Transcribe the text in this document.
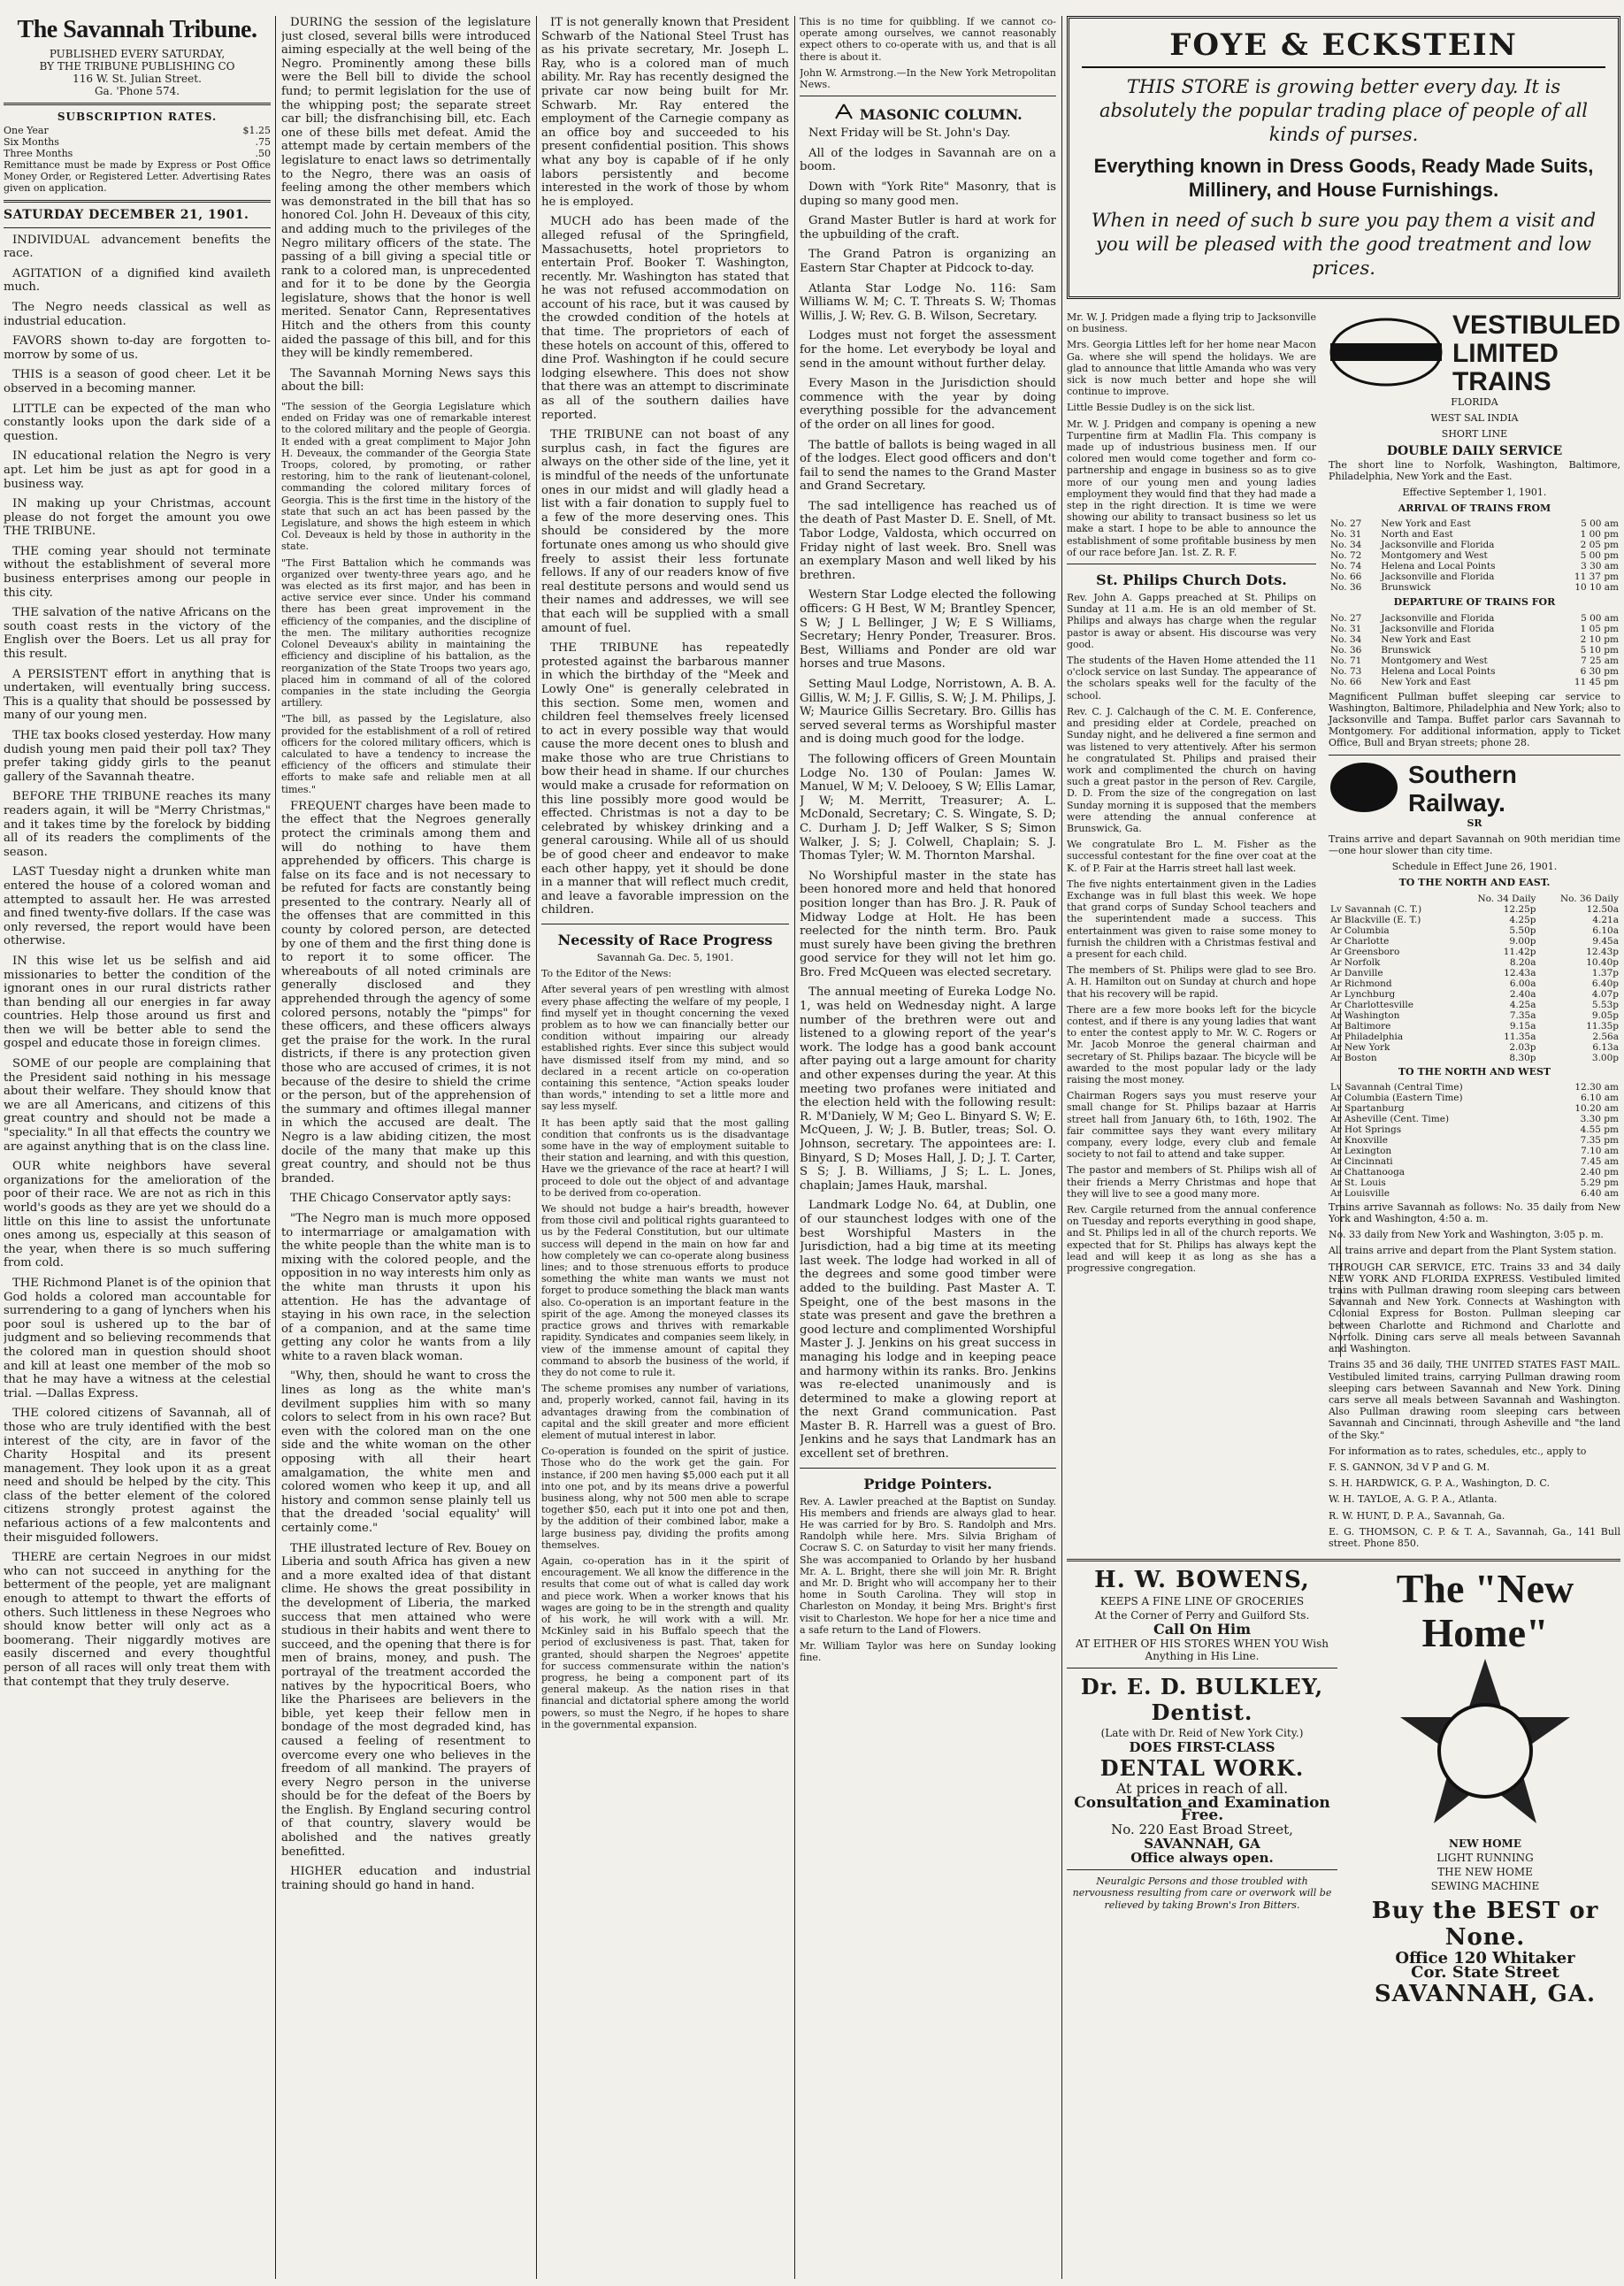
The Savannah Tribune.
PUBLISHED EVERY SATURDAY,
BY THE TRIBUNE PUBLISHING CO
116 W. St. Julian Street.
Ga. 'Phone 574.
SUBSCRIPTION RATES.
One Year	$1.25
Six Months	.75
Three Months	.50
Remittance must be made by Express or Post Office Money Order, or Registered Letter. Advertising Rates given on application.
SATURDAY DECEMBER 21, 1901.
INDIVIDUAL advancement benefits the race.
AGITATION of a dignified kind availeth much.
The Negro needs classical as well as industrial education.
FAVORS shown to-day are forgotten to-morrow by some of us.
THIS is a season of good cheer. Let it be observed in a becoming manner.
LITTLE can be expected of the man who constantly looks upon the dark side of a question.
IN educational relation the Negro is very apt. Let him be just as apt for good in a business way.
IN making up your Christmas, account please do not forget the amount you owe THE TRIBUNE.
THE coming year should not terminate without the establishment of several more business enterprises among our people in this city.
THE salvation of the native Africans on the south coast rests in the victory of the English over the Boers. Let us all pray for this result.
A PERSISTENT effort in anything that is undertaken, will eventually bring success. This is a quality that should be possessed by many of our young men.
THE tax books closed yesterday. How many dudish young men paid their poll tax? They prefer taking giddy girls to the peanut gallery of the Savannah theatre.
BEFORE THE TRIBUNE reaches its many readers again, it will be "Merry Christmas," and it takes time by the forelock by bidding all of its readers the compliments of the season.
LAST Tuesday night a drunken white man entered the house of a colored woman and attempted to assault her. He was arrested and fined twenty-five dollars. If the case was only reversed, the report would have been otherwise.
IN this wise let us be selfish and aid missionaries to better the condition of the ignorant ones in our rural districts rather than bending all our energies in far away countries. Help those around us first and then we will be better able to send the gospel and educate those in foreign climes.
SOME of our people are complaining that the President said nothing in his message about their welfare. They should know that we are all Americans, and citizens of this great country and should not be made a "speciality." In all that effects the country we are against anything that is on the class line.
OUR white neighbors have several organizations for the amelioration of the poor of their race. We are not as rich in this world's goods as they are yet we should do a little on this line to assist the unfortunate ones among us, especially at this season of the year, when there is so much suffering from cold.
THE Richmond Planet is of the opinion that God holds a colored man accountable for surrendering to a gang of lynchers when his poor soul is ushered up to the bar of judgment and so believing recommends that the colored man in question should shoot and kill at least one member of the mob so that he may have a witness at the celestial trial. —Dallas Express.
THE colored citizens of Savannah, all of those who are truly identified with the best interest of the city, are in favor of the Charity Hospital and its present management. They look upon it as a great need and should be helped by the city. This class of the better element of the colored citizens strongly protest against the nefarious actions of a few malcontents and their misguided followers.
THERE are certain Negroes in our midst who can not succeed in anything for the betterment of the people, yet are malignant enough to attempt to thwart the efforts of others. Such littleness in these Negroes who should know better will only act as a boomerang. Their niggardly motives are easily discerned and every thoughtful person of all races will only treat them with that contempt that they truly deserve.
DURING the session of the legislature just closed, several bills were introduced aiming especially at the well being of the Negro. Prominently among these bills were the Bell bill to divide the school fund; to permit legislation for the use of the whipping post; the separate street car bill; the disfranchising bill, etc. Each one of these bills met defeat. Amid the attempt made by certain members of the legislature to enact laws so detrimentally to the Negro, there was an oasis of feeling among the other members which was demonstrated in the bill that has so honored Col. John H. Deveaux of this city, and adding much to the privileges of the Negro military officers of the state. The passing of a bill giving a special title or rank to a colored man, is unprecedented and for it to be done by the Georgia legislature, shows that the honor is well merited. Senator Cann, Representatives Hitch and the others from this county aided the passage of this bill, and for this they will be kindly remembered.
The Savannah Morning News says this about the bill:
"The session of the Georgia Legislature which ended on Friday was one of remarkable interest to the colored military and the people of Georgia. It ended with a great compliment to Major John H. Deveaux, the commander of the Georgia State Troops, colored, by promoting, or rather restoring, him to the rank of lieutenant-colonel, commanding the colored military forces of Georgia. This is the first time in the history of the state that such an act has been passed by the Legislature, and shows the high esteem in which Col. Deveaux is held by those in authority in the state.
"The First Battalion which he commands was organized over twenty-three years ago, and he was elected as its first major, and has been in active service ever since. Under his command there has been great improvement in the efficiency of the companies, and the discipline of the men. The military authorities recognize Colonel Deveaux's ability in maintaining the efficiency and discipline of his battalion, as the reorganization of the State Troops two years ago, placed him in command of all of the colored companies in the state including the Georgia artillery.
"The bill, as passed by the Legislature, also provided for the establishment of a roll of retired officers for the colored military officers, which is calculated to have a tendency to increase the efficiency of the officers and stimulate their efforts to make safe and reliable men at all times."
FREQUENT charges have been made to the effect that the Negroes generally protect the criminals among them and will do nothing to have them apprehended by officers. This charge is false on its face and is not necessary to be refuted for facts are constantly being presented to the contrary. Nearly all of the offenses that are committed in this county by colored person, are detected by one of them and the first thing done is to report it to some officer. The whereabouts of all noted criminals are generally disclosed and they apprehended through the agency of some colored persons, notably the "pimps" for these officers, and these officers always get the praise for the work. In the rural districts, if there is any protection given those who are accused of crimes, it is not because of the desire to shield the crime or the person, but of the apprehension of the summary and oftimes illegal manner in which the accused are dealt. The Negro is a law abiding citizen, the most docile of the many that make up this great country, and should not be thus branded.
THE Chicago Conservator aptly says:
"The Negro man is much more opposed to intermarriage or amalgamation with the white people than the white man is to mixing with the colored people, and the opposition in no way interests him only as the white man thrusts it upon his attention. He has the advantage of staying in his own race, in the selection of a companion, and at the same time getting any color he wants from a lily white to a raven black woman.
"Why, then, should he want to cross the lines as long as the white man's devilment supplies him with so many colors to select from in his own race? But even with the colored man on the one side and the white woman on the other opposing with all their heart amalgamation, the white men and colored women who keep it up, and all history and common sense plainly tell us that the dreaded 'social equality' will certainly come."
THE illustrated lecture of Rev. Bouey on Liberia and south Africa has given a new and a more exalted idea of that distant clime. He shows the great possibility in the development of Liberia, the marked success that men attained who were studious in their habits and went there to succeed, and the opening that there is for men of brains, money, and push. The portrayal of the treatment accorded the natives by the hypocritical Boers, who like the Pharisees are believers in the bible, yet keep their fellow men in bondage of the most degraded kind, has caused a feeling of resentment to overcome every one who believes in the freedom of all mankind. The prayers of every Negro person in the universe should be for the defeat of the Boers by the English. By England securing control of that country, slavery would be abolished and the natives greatly benefitted.
HIGHER education and industrial training should go hand in hand.
IT is not generally known that President Schwarb of the National Steel Trust has as his private secretary, Mr. Joseph L. Ray, who is a colored man of much ability. Mr. Ray has recently designed the private car now being built for Mr. Schwarb. Mr. Ray entered the employment of the Carnegie company as an office boy and succeeded to his present confidential position. This shows what any boy is capable of if he only labors persistently and become interested in the work of those by whom he is employed.
MUCH ado has been made of the alleged refusal of the Springfield, Massachusetts, hotel proprietors to entertain Prof. Booker T. Washington, recently. Mr. Washington has stated that he was not refused accommodation on account of his race, but it was caused by the crowded condition of the hotels at that time. The proprietors of each of these hotels on account of this, offered to dine Prof. Washington if he could secure lodging elsewhere. This does not show that there was an attempt to discriminate as all of the southern dailies have reported.
THE TRIBUNE can not boast of any surplus cash, in fact the figures are always on the other side of the line, yet it is mindful of the needs of the unfortunate ones in our midst and will gladly head a list with a fair donation to supply fuel to a few of the more deserving ones. This should be considered by the more fortunate ones among us who should give freely to assist their less fortunate fellows. If any of our readers know of five real destitute persons and would send us their names and addresses, we will see that each will be supplied with a small amount of fuel.
THE TRIBUNE has repeatedly protested against the barbarous manner in which the birthday of the "Meek and Lowly One" is generally celebrated in this section. Some men, women and children feel themselves freely licensed to act in every possible way that would cause the more decent ones to blush and make those who are true Christians to bow their head in shame. If our churches would make a crusade for reformation on this line possibly more good would be effected. Christmas is not a day to be celebrated by whiskey drinking and a general carousing. While all of us should be of good cheer and endeavor to make each other happy, yet it should be done in a manner that will reflect much credit, and leave a favorable impression on the children.
Necessity of Race Progress
Savannah Ga. Dec. 5, 1901.
To the Editor of the News:
After several years of pen wrestling with almost every phase affecting the welfare of my people, I find myself yet in thought concerning the vexed problem as to how we can financially better our condition without impairing our already established rights. Ever since this subject would have dismissed itself from my mind, and so declared in a recent article on co-operation containing this sentence, "Action speaks louder than words," intending to set a little more and say less myself.
It has been aptly said that the most galling condition that confronts us is the disadvantage some have in the way of employment suitable to their station and learning, and with this question, Have we the grievance of the race at heart? I will proceed to dole out the object of and advantage to be derived from co-operation.
We should not budge a hair's breadth, however from those civil and political rights guaranteed to us by the Federal Constitution, but our ultimate success will depend in the main on how far and how completely we can co-operate along business lines; and to those strenuous efforts to produce something the white man wants we must not forget to produce something the black man wants also. Co-operation is an important feature in the spirit of the age. Among the moneyed classes its practice grows and thrives with remarkable rapidity. Syndicates and companies seem likely, in view of the immense amount of capital they command to absorb the business of the world, if they do not come to rule it.
The scheme promises any number of variations, and, properly worked, cannot fail, having in its advantages drawing from the combination of capital and the skill greater and more efficient element of mutual interest in labor.
Co-operation is founded on the spirit of justice. Those who do the work get the gain. For instance, if 200 men having $5,000 each put it all into one pot, and by its means drive a powerful business along, why not 500 men able to scrape together $50, each put it into one pot and then, by the addition of their combined labor, make a large business pay, dividing the profits among themselves.
Again, co-operation has in it the spirit of encouragement. We all know the difference in the results that come out of what is called day work and piece work. When a worker knows that his wages are going to be in the strength and quality of his work, he will work with a will. Mr. McKinley said in his Buffalo speech that the period of exclusiveness is past. That, taken for granted, should sharpen the Negroes' appetite for success commensurate within the nation's progress, he being a component part of its general makeup. As the nation rises in that financial and dictatorial sphere among the world powers, so must the Negro, if he hopes to share in the governmental expansion.
This is no time for quibbling. If we cannot co-operate among ourselves, we cannot reasonably expect others to co-operate with us, and that is all there is about it.
John W. Armstrong.—In the New York Metropolitan News.
MASONIC COLUMN.
Next Friday will be St. John's Day.
All of the lodges in Savannah are on a boom.
Down with "York Rite" Masonry, that is duping so many good men.
Grand Master Butler is hard at work for the upbuilding of the craft.
The Grand Patron is organizing an Eastern Star Chapter at Pidcock to-day.
Atlanta Star Lodge No. 116: Sam Williams W. M; C. T. Threats S. W; Thomas Willis, J. W; Rev. G. B. Wilson, Secretary.
Lodges must not forget the assessment for the home. Let everybody be loyal and send in the amount without further delay.
Every Mason in the Jurisdiction should commence with the year by doing everything possible for the advancement of the order on all lines for good.
The battle of ballots is being waged in all of the lodges. Elect good officers and don't fail to send the names to the Grand Master and Grand Secretary.
The sad intelligence has reached us of the death of Past Master D. E. Snell, of Mt. Tabor Lodge, Valdosta, which occurred on Friday night of last week. Bro. Snell was an exemplary Mason and well liked by his brethren.
Western Star Lodge elected the following officers: G H Best, W M; Brantley Spencer, S W; J L Bellinger, J W; E S Williams, Secretary; Henry Ponder, Treasurer. Bros. Best, Williams and Ponder are old war horses and true Masons.
Setting Maul Lodge, Norristown, A. B. A. Gillis, W. M; J. F. Gillis, S. W; J. M. Philips, J. W; Maurice Gillis Secretary. Bro. Gillis has served several terms as Worshipful master and is doing much good for the lodge.
The following officers of Green Mountain Lodge No. 130 of Poulan: James W. Manuel, W M; V. Delooey, S W; Ellis Lamar, J W; M. Merritt, Treasurer; A. L. McDonald, Secretary; C. S. Wingate, S. D; C. Durham J. D; Jeff Walker, S S; Simon Walker, J. S; J. Colwell, Chaplain; S. J. Thomas Tyler; W. M. Thornton Marshal.
No Worshipful master in the state has been honored more and held that honored position longer than has Bro. J. R. Pauk of Midway Lodge at Holt. He has been reelected for the ninth term. Bro. Pauk must surely have been giving the brethren good service for they will not let him go. Bro. Fred McQueen was elected secretary.
The annual meeting of Eureka Lodge No. 1, was held on Wednesday night. A large number of the brethren were out and listened to a glowing report of the year's work. The lodge has a good bank account after paying out a large amount for charity and other expenses during the year. At this meeting two profanes were initiated and the election held with the following result: R. M'Daniely, W M; Geo L. Binyard S. W; E. McQueen, J. W; J. B. Butler, treas; Sol. O. Johnson, secretary. The appointees are: I. Binyard, S D; Moses Hall, J. D; J. T. Carter, S S; J. B. Williams, J S; L. L. Jones, chaplain; James Hauk, marshal.
Landmark Lodge No. 64, at Dublin, one of our staunchest lodges with one of the best Worshipful Masters in the Jurisdiction, had a big time at its meeting last week. The lodge had worked in all of the degrees and some good timber were added to the building. Past Master A. T. Speight, one of the best masons in the state was present and gave the brethren a good lecture and complimented Worshipful Master J. J. Jenkins on his great success in managing his lodge and in keeping peace and harmony within its ranks. Bro. Jenkins was re-elected unanimously and is determined to make a glowing report at the next Grand communication. Past Master B. R. Harrell was a guest of Bro. Jenkins and he says that Landmark has an excellent set of brethren.
Pridge Pointers.
Rev. A. Lawler preached at the Baptist on Sunday. His members and friends are always glad to hear. He was carried for by Bro. S. Randolph and Mrs. Randolph while here. Mrs. Silvia Brigham of Cocraw S. C. on Saturday to visit her many friends. She was accompanied to Orlando by her husband Mr. A. L. Bright, there she will join Mr. R. Bright and Mr. D. Bright who will accompany her to their home in South Carolina. They will stop in Charleston on Monday, it being Mrs. Bright's first visit to Charleston. We hope for her a nice time and a safe return to the Land of Flowers.
Mr. William Taylor was here on Sunday looking fine.
FOYE & ECKSTEIN
THIS STORE is growing better every day. It is absolutely the popular trading place of people of all kinds of purses.
Everything known in Dress Goods, Ready Made Suits, Millinery, and House Furnishings.
When in need of such b sure you pay them a visit and you will be pleased with the good treatment and low prices.
Mr. W. J. Pridgen made a flying trip to Jacksonville on business.
Mrs. Georgia Littles left for her home near Macon Ga. where she will spend the holidays. We are glad to announce that little Amanda who was very sick is now much better and hope she will continue to improve.
Little Bessie Dudley is on the sick list.
Mr. W. J. Pridgen and company is opening a new Turpentine firm at Madlin Fla. This company is made up of industrious business men. If our colored men would come together and form co-partnership and engage in business so as to give more of our young men and young ladies employment they would find that they had made a step in the right direction. It is time we were showing our ability to transact business so let us make a start. I hope to be able to announce the establishment of some profitable business by men of our race before Jan. 1st. Z. R. F.
St. Philips Church Dots.
Rev. John A. Gapps preached at St. Philips on Sunday at 11 a.m. He is an old member of St. Philips and always has charge when the regular pastor is away or absent. His discourse was very good.
The students of the Haven Home attended the 11 o'clock service on last Sunday. The appearance of the scholars speaks well for the faculty of the school.
Rev. C. J. Calchaugh of the C. M. E. Conference, and presiding elder at Cordele, preached on Sunday night, and he delivered a fine sermon and was listened to very attentively. After his sermon he congratulated St. Philips and praised their work and complimented the church on having such a great pastor in the person of Rev. Cargile, D. D. From the size of the congregation on last Sunday morning it is supposed that the members were attending the annual conference at Brunswick, Ga.
We congratulate Bro L. M. Fisher as the successful contestant for the fine over coat at the K. of P. Fair at the Harris street hall last week.
The five nights entertainment given in the Ladies Exchange was in full blast this week. We hope that grand corps of Sunday School teachers and the superintendent made a success. This entertainment was given to raise some money to furnish the children with a Christmas festival and a present for each child.
The members of St. Philips were glad to see Bro. A. H. Hamilton out on Sunday at church and hope that his recovery will be rapid.
There are a few more books left for the bicycle contest, and if there is any young ladies that want to enter the contest apply to Mr. W. C. Rogers or Mr. Jacob Monroe the general chairman and secretary of St. Philips bazaar. The bicycle will be awarded to the most popular lady or the lady raising the most money.
Chairman Rogers says you must reserve your small change for St. Philips bazaar at Harris street hall from January 6th, to 16th, 1902. The fair committee says they want every military company, every lodge, every club and female society to not fail to attend and take supper.
The pastor and members of St. Philips wish all of their friends a Merry Christmas and hope that they will live to see a good many more.
Rev. Cargile returned from the annual conference on Tuesday and reports everything in good shape, and St. Philips led in all of the church reports. We expected that for St. Philips has always kept the lead and will keep it as long as she has a progressive congregation.
VESTIBULED
LIMITED
TRAINS
FLORIDA
WEST SAL INDIA
SHORT LINE
DOUBLE DAILY SERVICE
The short line to Norfolk, Washington, Baltimore, Philadelphia, New York and the East.
Effective September 1, 1901.
ARRIVAL OF TRAINS FROM
No. 27	New York and East	5 00 am
No. 31	North and East	1 00 pm
No. 34	Jacksonville and Florida	2 05 pm
No. 72	Montgomery and West	5 00 pm
No. 74	Helena and Local Points	3 30 am
No. 66	Jacksonville and Florida	11 37 pm
No. 36	Brunswick	10 10 am
DEPARTURE OF TRAINS FOR
No. 27	Jacksonville and Florida	5 00 am
No. 31	Jacksonville and Florida	1 05 pm
No. 34	New York and East	2 10 pm
No. 36	Brunswick	5 10 pm
No. 71	Montgomery and West	7 25 am
No. 73	Helena and Local Points	6 30 pm
No. 66	New York and East	11 45 pm
Magnificent Pullman buffet sleeping car service to Washington, Baltimore, Philadelphia and New York; also to Jacksonville and Tampa. Buffet parlor cars Savannah to Montgomery. For additional information, apply to Ticket Office, Bull and Bryan streets; phone 28.
Southern Railway.
SR
Trains arrive and depart Savannah on 90th meridian time—one hour slower than city time.
Schedule in Effect June 26, 1901.
TO THE NORTH AND EAST.
	No. 34 Daily	No. 36 Daily
Lv Savannah (C. T.)	12.25p	12.50a
Ar Blackville (E. T.)	4.25p	4.21a
Ar Columbia	5.50p	6.10a
Ar Charlotte	9.00p	9.45a
Ar Greensboro	11.42p	12.43p
Ar Norfolk	8.20a	10.40p
Ar Danville	12.43a	1.37p
Ar Richmond	6.00a	6.40p
Ar Lynchburg	2.40a	4.07p
Ar Charlottesville	4.25a	5.53p
Ar Washington	7.35a	9.05p
Ar Baltimore	9.15a	11.35p
Ar Philadelphia	11.35a	2.56a
Ar New York	2.03p	6.13a
Ar Boston	8.30p	3.00p
TO THE NORTH AND WEST
Lv Savannah (Central Time)	12.30 am
Ar Columbia (Eastern Time)	6.10 am
Ar Spartanburg	10.20 am
Ar Asheville (Cent. Time)	3.30 pm
Ar Hot Springs	4.55 pm
Ar Knoxville	7.35 pm
Ar Lexington	7.10 am
Ar Cincinnati	7.45 am
Ar Chattanooga	2.40 pm
Ar St. Louis	5.29 pm
Ar Louisville	6.40 am
Trains arrive Savannah as follows: No. 35 daily from New York and Washington, 4:50 a. m.
No. 33 daily from New York and Washington, 3:05 p. m.
All trains arrive and depart from the Plant System station.
THROUGH CAR SERVICE, ETC. Trains 33 and 34 daily NEW YORK AND FLORIDA EXPRESS. Vestibuled limited trains with Pullman drawing room sleeping cars between Savannah and New York. Connects at Washington with Colonial Express for Boston. Pullman sleeping car between Charlotte and Richmond and Charlotte and Norfolk. Dining cars serve all meals between Savannah and Washington.
Trains 35 and 36 daily, THE UNITED STATES FAST MAIL. Vestibuled limited trains, carrying Pullman drawing room sleeping cars between Savannah and New York. Dining cars serve all meals between Savannah and Washington. Also Pullman drawing room sleeping cars between Savannah and Cincinnati, through Asheville and "the land of the Sky."
For information as to rates, schedules, etc., apply to
F. S. GANNON, 3d V P and G. M.
S. H. HARDWICK, G. P. A., Washington, D. C.
W. H. TAYLOE, A. G. P. A., Atlanta.
R. W. HUNT, D. P. A., Savannah, Ga.
E. G. THOMSON, C. P. & T. A., Savannah, Ga., 141 Bull street. Phone 850.
H. W. BOWENS,
KEEPS A FINE LINE OF GROCERIES
At the Corner of Perry and Guilford Sts.
Call On Him
AT EITHER OF HIS STORES WHEN YOU Wish Anything in His Line.
Dr. E. D. BULKLEY, Dentist.
(Late with Dr. Reid of New York City.)
DOES FIRST-CLASS
DENTAL WORK.
At prices in reach of all.
Consultation and Examination Free.
No. 220 East Broad Street,
SAVANNAH, GA
Office always open.
Neuralgic Persons and those troubled with nervousness resulting from care or overwork will be relieved by taking Brown's Iron Bitters.
The "New Home"
NEW HOME
LIGHT RUNNING
THE NEW HOME
SEWING MACHINE
Buy the BEST or None.
Office 120 Whitaker
Cor. State Street
SAVANNAH, GA.
